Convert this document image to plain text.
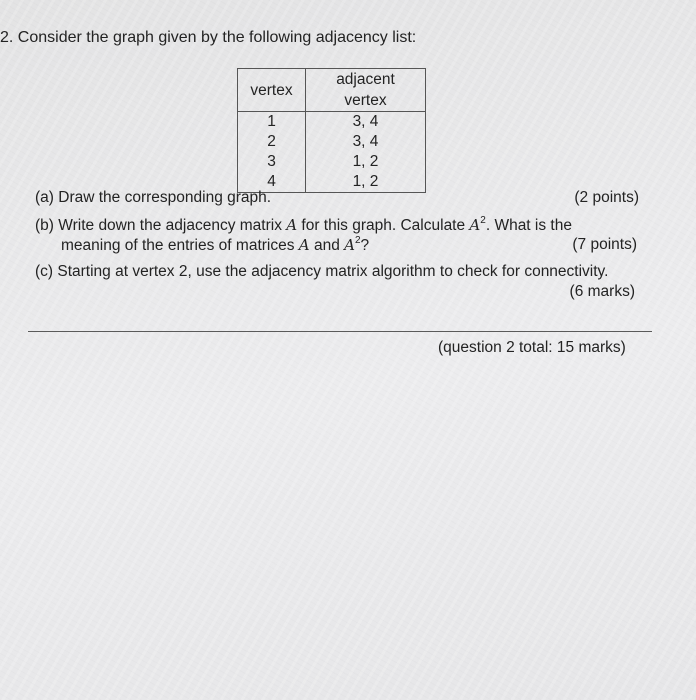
2. Consider the graph given by the following adjacency list:
vertex	adjacent vertex
1	3, 4
2	3, 4
3	1, 2
4	1, 2
(a) Draw the corresponding graph.	(2 points)
(b) Write down the adjacency matrix A for this graph. Calculate $A^2$. What is the
meaning of the entries of matrices A and $A^2$?	(7 points)
(c) Starting at vertex 2, use the adjacency matrix algorithm to check for connectivity.
(6 marks)
(question 2 total: 15 marks)
